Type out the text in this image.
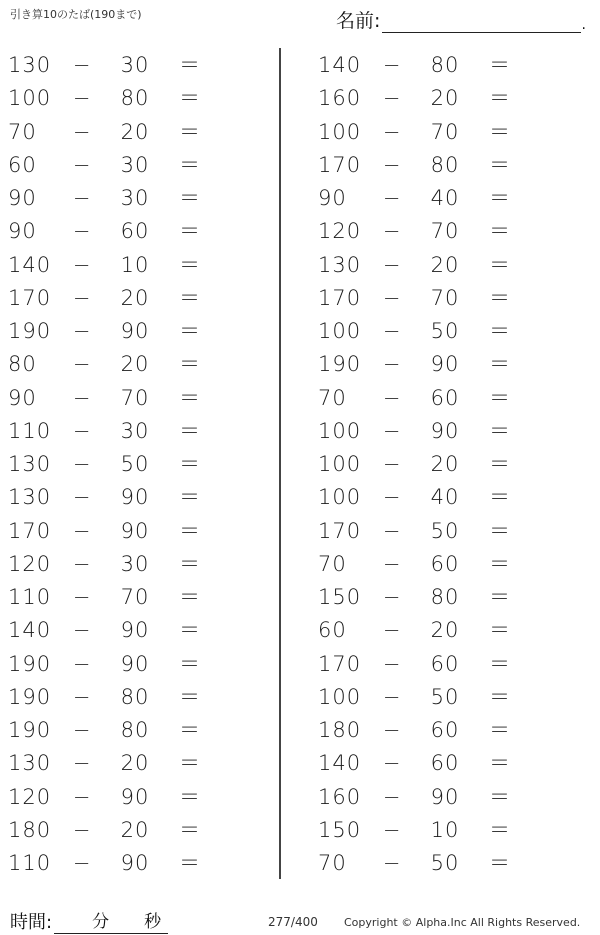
引き算10のたば(190まで)	名前:	.
130	−	30	＝
100	−	80	＝
70	−	20	＝
60	−	30	＝
90	−	30	＝
90	−	60	＝
140	−	10	＝
170	−	20	＝
190	−	90	＝
80	−	20	＝
90	−	70	＝
110	−	30	＝
130	−	50	＝
130	−	90	＝
170	−	90	＝
120	−	30	＝
110	−	70	＝
140	−	90	＝
190	−	90	＝
190	−	80	＝
190	−	80	＝
130	−	20	＝
120	−	90	＝
180	−	20	＝
110	−	90	＝
140	−	80	＝
160	−	20	＝
100	−	70	＝
170	−	80	＝
90	−	40	＝
120	−	70	＝
130	−	20	＝
170	−	70	＝
100	−	50	＝
190	−	90	＝
70	−	60	＝
100	−	90	＝
100	−	20	＝
100	−	40	＝
170	−	50	＝
70	−	60	＝
150	−	80	＝
60	−	20	＝
170	−	60	＝
100	−	50	＝
180	−	60	＝
140	−	60	＝
160	−	90	＝
150	−	10	＝
70	−	50	＝
時間: 分 秒	277/400 Copyright © Alpha.Inc All Rights Reserved.
